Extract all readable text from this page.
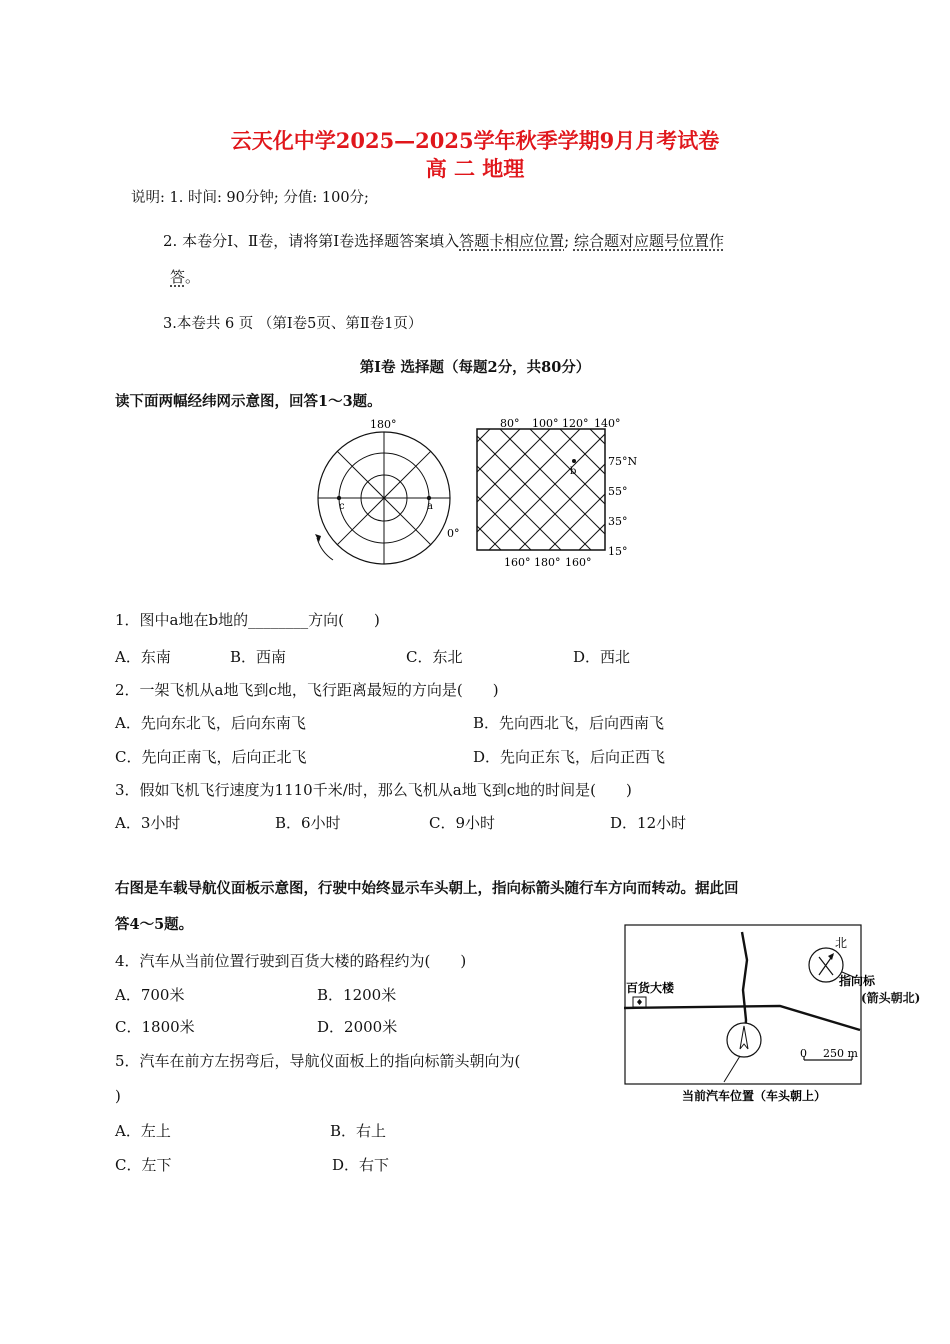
云天化中学2025—2025学年秋季学期9月月考试卷
高 二 地理
说明: 1. 时间: 90分钟; 分值: 100分;
2. 本卷分Ⅰ、Ⅱ卷，请将第Ⅰ卷选择题答案填入答题卡相应位置; 综合题对应题号位置作
答。
3.本卷共 6 页 （第Ⅰ卷5页、第Ⅱ卷1页）
第Ⅰ卷 选择题（每题2分，共80分）
读下面两幅经纬网示意图，回答1～3题。
180°
c	a
0°
b
80° 100° 120° 140°
75°N
55°
35°
15°
160° 180° 160°
1．图中a地在b地的________方向(　　)
A．东南	B．西南	C．东北	D．西北
2．一架飞机从a地飞到c地，飞行距离最短的方向是(　　)
A．先向东北飞，后向东南飞	B．先向西北飞，后向西南飞
C．先向正南飞，后向正北飞	D．先向正东飞，后向正西飞
3．假如飞机飞行速度为1110千米/时，那么飞机从a地飞到c地的时间是(　　)
A．3小时	B．6小时	C．9小时	D．12小时
右图是车载导航仪面板示意图，行驶中始终显示车头朝上，指向标箭头随行车方向而转动。据此回
答4～5题。
百货大楼
北
指向标
0 250 m
当前汽车位置（车头朝上）
(箭头朝北)
4．汽车从当前位置行驶到百货大楼的路程约为(　　)
A．700米	B．1200米
C．1800米	D．2000米
5．汽车在前方左拐弯后，导航仪面板上的指向标箭头朝向为(
)
A．左上	B．右上
C．左下	D．右下
